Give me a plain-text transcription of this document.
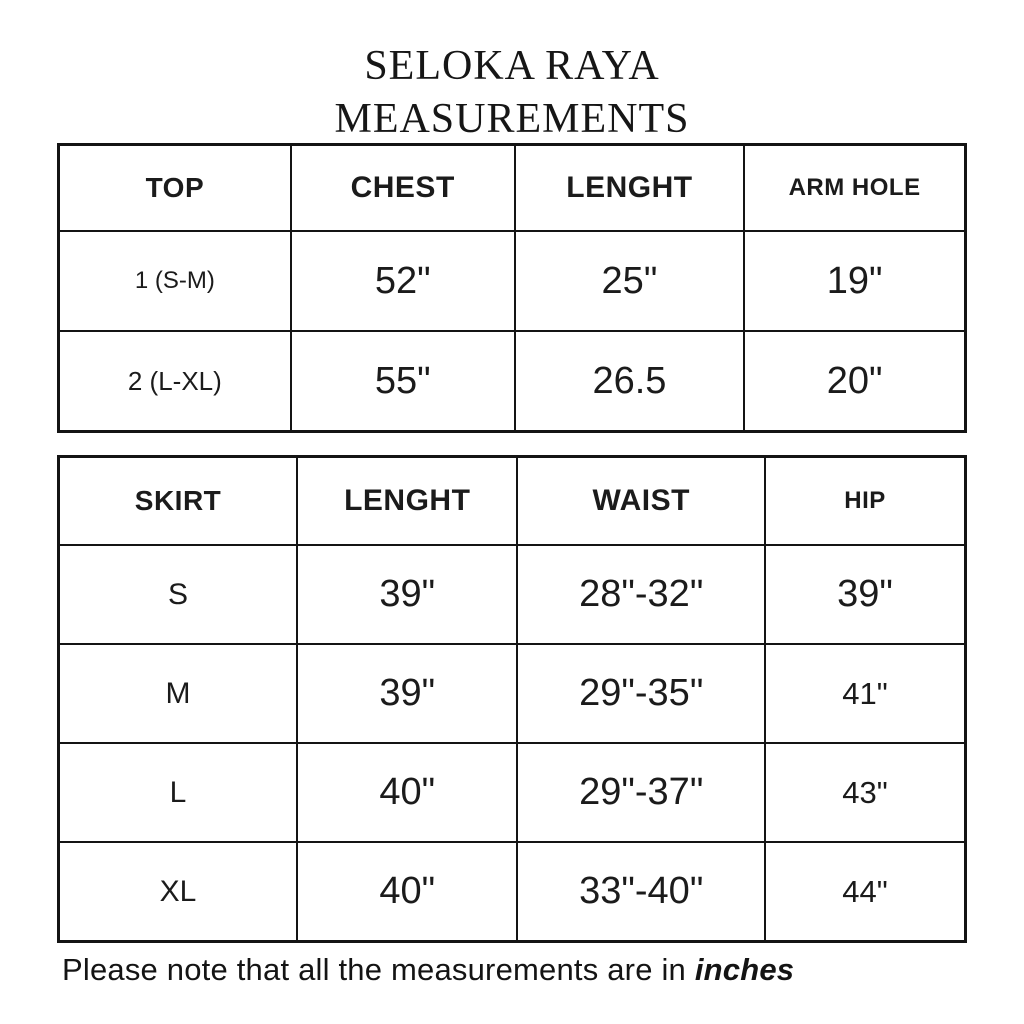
SELOKA RAYA
MEASUREMENTS
TOP	CHEST	LENGHT	ARM HOLE
1 (S-M)	52"	25"	19"
2 (L-XL)	55"	26.5	20"
SKIRT	LENGHT	WAIST	HIP
S	39"	28"-32"	39"
M	39"	29"-35"	41"
L	40"	29"-37"	43"
XL	40"	33"-40"	44"
Please note that all the measurements are in inches
